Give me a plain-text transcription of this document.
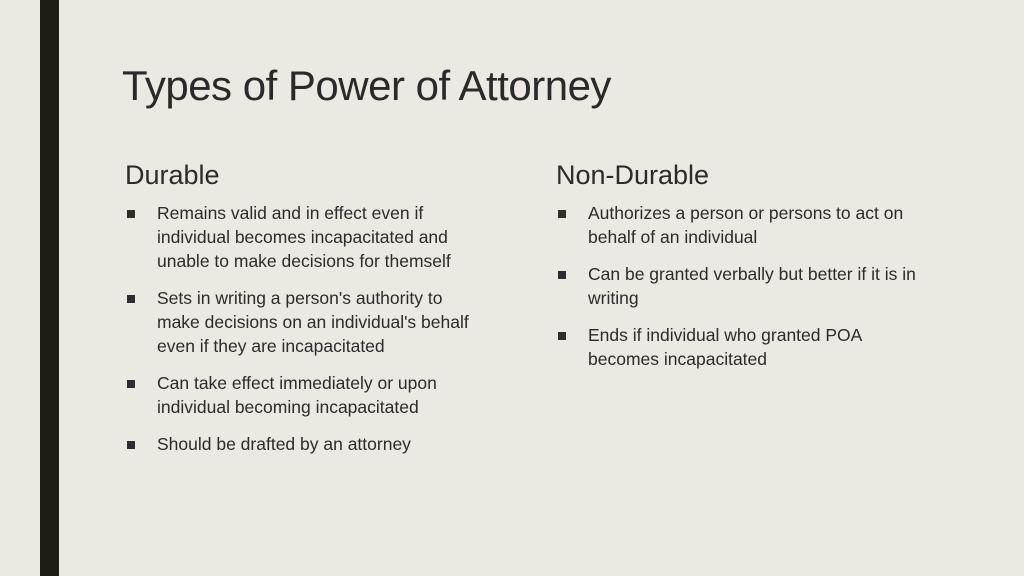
Types of Power of Attorney
Durable
Remains valid and in effect even if individual becomes incapacitated and unable to make decisions for themself
Sets in writing a person's authority to make decisions on an individual's behalf even if they are incapacitated
Can take effect immediately or upon individual becoming incapacitated
Should be drafted by an attorney
Non-Durable
Authorizes a person or persons to act on behalf of an individual
Can be granted verbally but better if it is in writing
Ends if individual who granted POA becomes incapacitated
